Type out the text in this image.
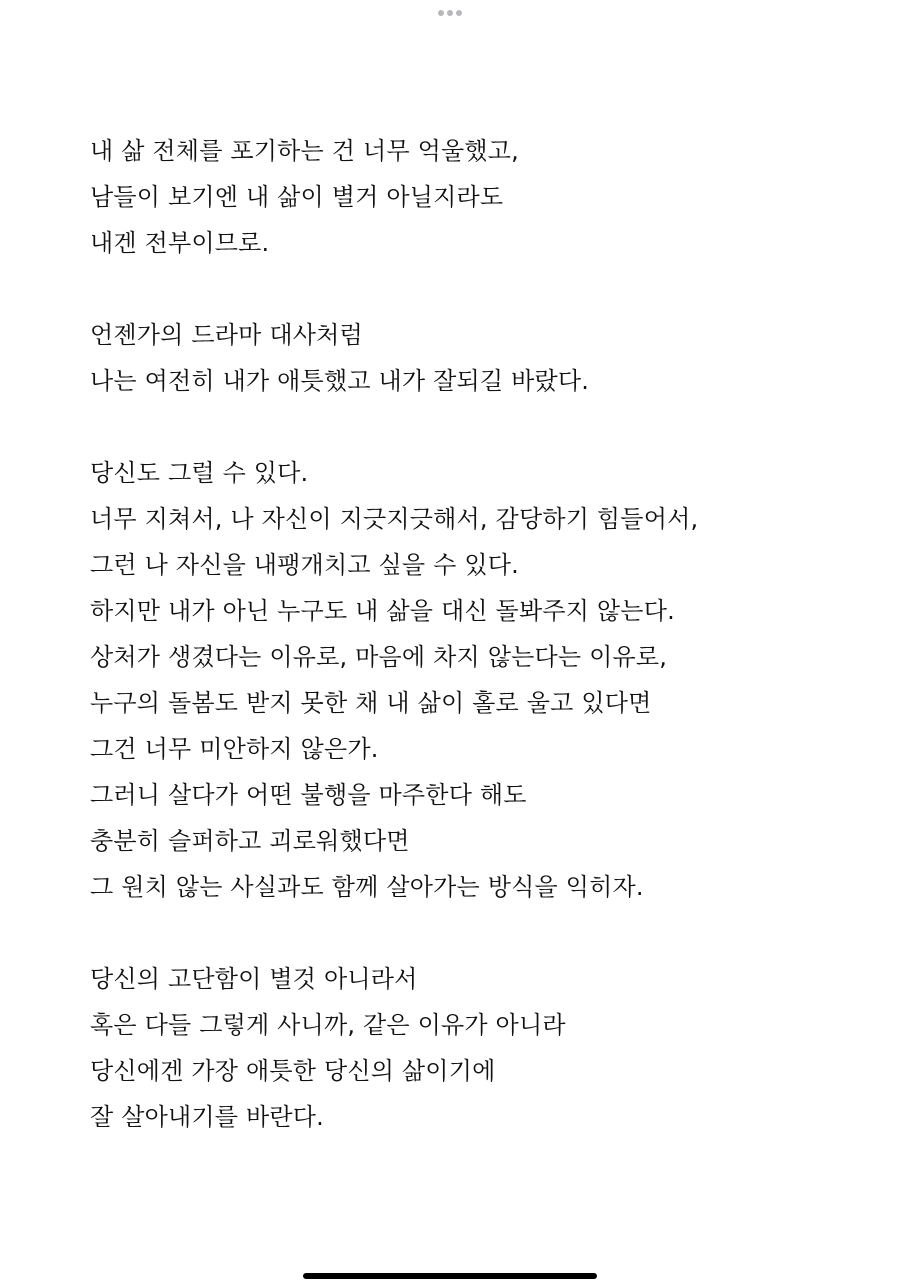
내 삶 전체를 포기하는 건 너무 억울했고,
남들이 보기엔 내 삶이 별거 아닐지라도
내겐 전부이므로.
언젠가의 드라마 대사처럼
나는 여전히 내가 애틋했고 내가 잘되길 바랐다.
당신도 그럴 수 있다.
너무 지쳐서, 나 자신이 지긋지긋해서, 감당하기 힘들어서,
그런 나 자신을 내팽개치고 싶을 수 있다.
하지만 내가 아닌 누구도 내 삶을 대신 돌봐주지 않는다.
상처가 생겼다는 이유로, 마음에 차지 않는다는 이유로,
누구의 돌봄도 받지 못한 채 내 삶이 홀로 울고 있다면
그건 너무 미안하지 않은가.
그러니 살다가 어떤 불행을 마주한다 해도
충분히 슬퍼하고 괴로워했다면
그 원치 않는 사실과도 함께 살아가는 방식을 익히자.
당신의 고단함이 별것 아니라서
혹은 다들 그렇게 사니까, 같은 이유가 아니라
당신에겐 가장 애틋한 당신의 삶이기에
잘 살아내기를 바란다.
